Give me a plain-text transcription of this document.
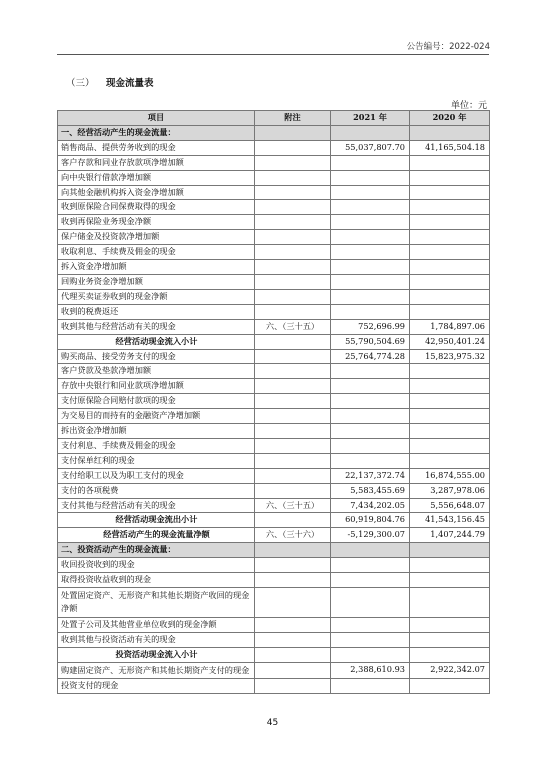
公告编号：2022-024
（三） 现金流量表
单位：元
项目	附注	2021 年	2020 年
一、经营活动产生的现金流量：			
销售商品、提供劳务收到的现金		55,037,807.70	41,165,504.18
客户存款和同业存放款项净增加额			
向中央银行借款净增加额			
向其他金融机构拆入资金净增加额			
收到原保险合同保费取得的现金			
收到再保险业务现金净额			
保户储金及投资款净增加额			
收取利息、手续费及佣金的现金			
拆入资金净增加额			
回购业务资金净增加额			
代理买卖证券收到的现金净额			
收到的税费返还			
收到其他与经营活动有关的现金	六、（三十五）	752,696.99	1,784,897.06
经营活动现金流入小计		55,790,504.69	42,950,401.24
购买商品、接受劳务支付的现金		25,764,774.28	15,823,975.32
客户贷款及垫款净增加额			
存放中央银行和同业款项净增加额			
支付原保险合同赔付款项的现金			
为交易目的而持有的金融资产净增加额			
拆出资金净增加额			
支付利息、手续费及佣金的现金			
支付保单红利的现金			
支付给职工以及为职工支付的现金		22,137,372.74	16,874,555.00
支付的各项税费		5,583,455.69	3,287,978.06
支付其他与经营活动有关的现金	六、（三十五）	7,434,202.05	5,556,648.07
经营活动现金流出小计		60,919,804.76	41,543,156.45
经营活动产生的现金流量净额	六、（三十六）	-5,129,300.07	1,407,244.79
二、投资活动产生的现金流量：			
收回投资收到的现金			
取得投资收益收到的现金			
处置固定资产、无形资产和其他长期资产收回的现金净额			
处置子公司及其他营业单位收到的现金净额			
收到其他与投资活动有关的现金			
投资活动现金流入小计			
购建固定资产、无形资产和其他长期资产支付的现金		2,388,610.93	2,922,342.07
投资支付的现金			
45
